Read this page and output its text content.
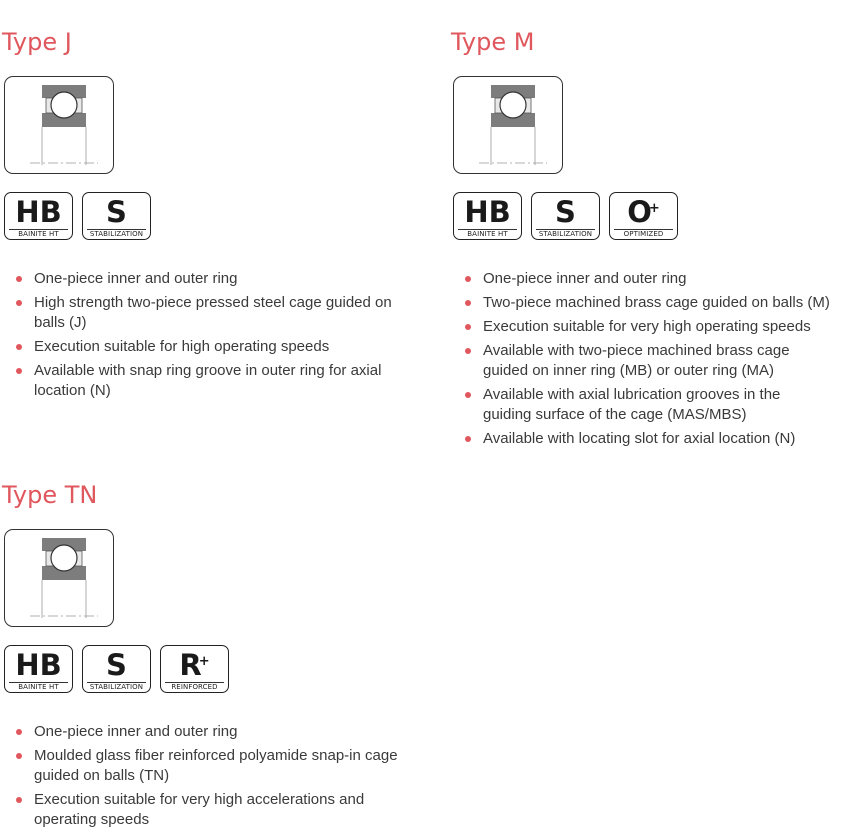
Type J
HB
BAINITE HT
S
STABILIZATION
One-piece inner and outer ring
High strength two-piece pressed steel cage guided on balls (J)
Execution suitable for high operating speeds
Available with snap ring groove in outer ring for axial location (N)
Type M
HB
BAINITE HT
S
STABILIZATION
O+
OPTIMIZED
One-piece inner and outer ring
Two-piece machined brass cage guided on balls (M)
Execution suitable for very high operating speeds
Available with two-piece machined brass cage guided on inner ring (MB) or outer ring (MA)
Available with axial lubrication grooves in the guiding surface of the cage (MAS/MBS)
Available with locating slot for axial location (N)
Type TN
HB
BAINITE HT
S
STABILIZATION
R+
REINFORCED
One-piece inner and outer ring
Moulded glass fiber reinforced polyamide snap-in cage guided on balls (TN)
Execution suitable for very high accelerations and operating speeds
